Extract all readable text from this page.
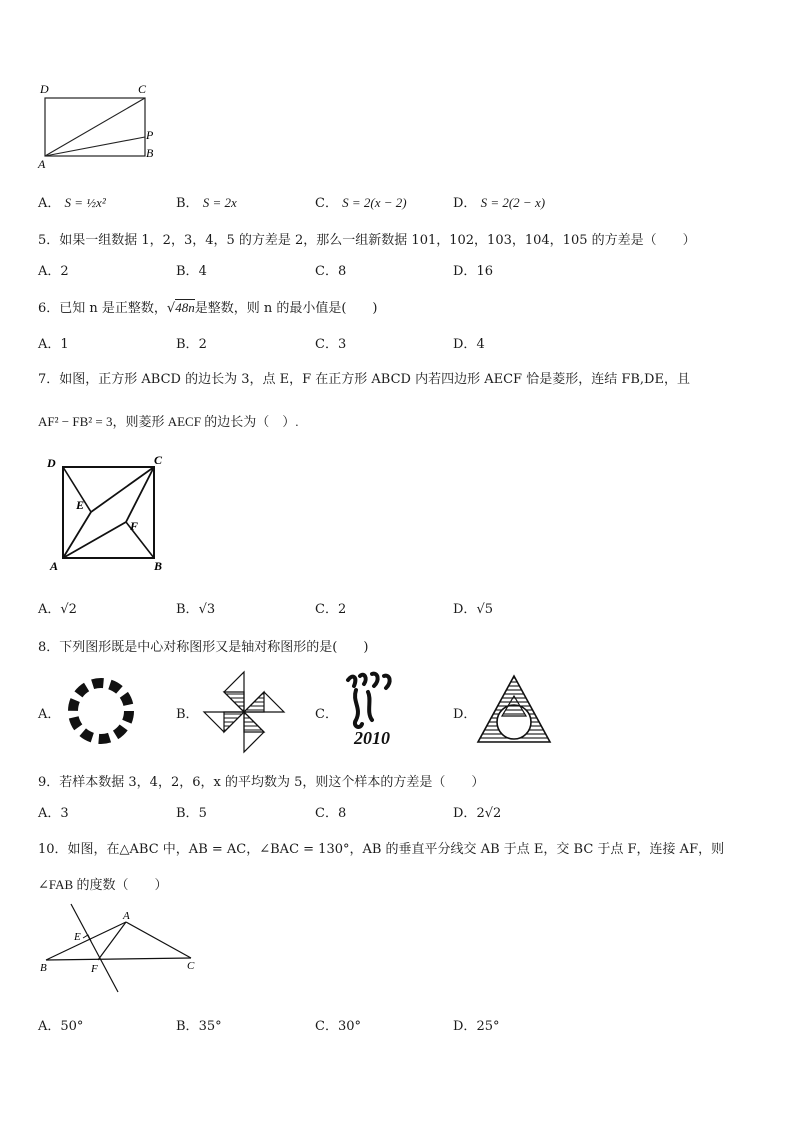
D	C
P
B
A
A． S = ½x²	B． S = 2x	C． S = 2(x − 2)	D． S = 2(2 − x)
5．如果一组数据 1，2，3，4，5 的方差是 2，那么一组新数据 101，102，103，104，105 的方差是（　　）
A．2	B．4	C．8	D．16
6．已知 n 是正整数，√48n是整数，则 n 的最小值是(　　)
A．1	B．2	C．3	D．4
7．如图，正方形 ABCD 的边长为 3，点 E，F 在正方形 ABCD 内若四边形 AECF 恰是菱形，连结 FB,DE，且
AF² − FB² = 3，则菱形 AECF 的边长为（　）.
D	C
E
F
A	B
A．√2	B．√3	C．2	D．√5
8．下列图形既是中心对称图形又是轴对称图形的是(　　)
A．	B．	C．
2010
D．
9．若样本数据 3，4，2，6，x 的平均数为 5，则这个样本的方差是（　　）
A．3	B．5	C．8	D．2√2
10．如图，在△ABC 中，AB = AC，∠BAC = 130°，AB 的垂直平分线交 AB 于点 E，交 BC 于点 F，连接 AF，则
∠FAB 的度数（　　）
A
E
B	F	C
A．50°	B．35°	C．30°	D．25°
